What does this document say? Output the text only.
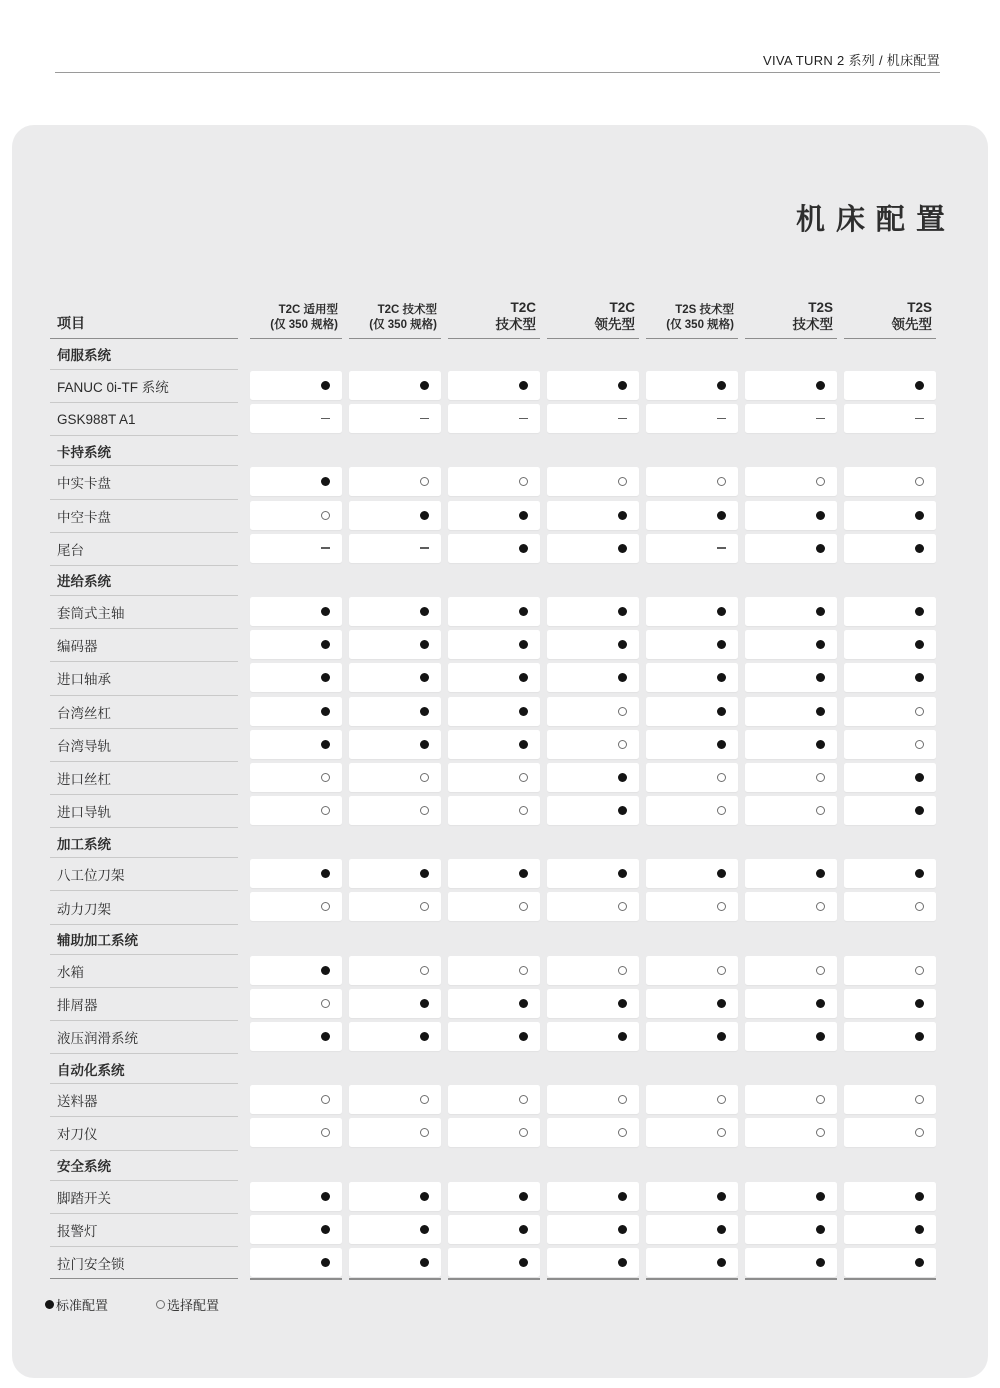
VIVA TURN 2 系列 / 机床配置
机床配置
项目
T2C 适用型
(仅 350 规格)
T2C 技术型
(仅 350 规格)
T2C
技术型
T2C
领先型
T2S 技术型
(仅 350 规格)
T2S
技术型
T2S
领先型
伺服系统
FANUC 0i-TF 系统
GSK988T A1
卡持系统
中实卡盘
中空卡盘
尾台
进给系统
套筒式主轴
编码器
进口轴承
台湾丝杠
台湾导轨
进口丝杠
进口导轨
加工系统
八工位刀架
动力刀架
辅助加工系统
水箱
排屑器
液压润滑系统
自动化系统
送料器
对刀仪
安全系统
脚踏开关
报警灯
拉门安全锁
标准配置	选择配置
